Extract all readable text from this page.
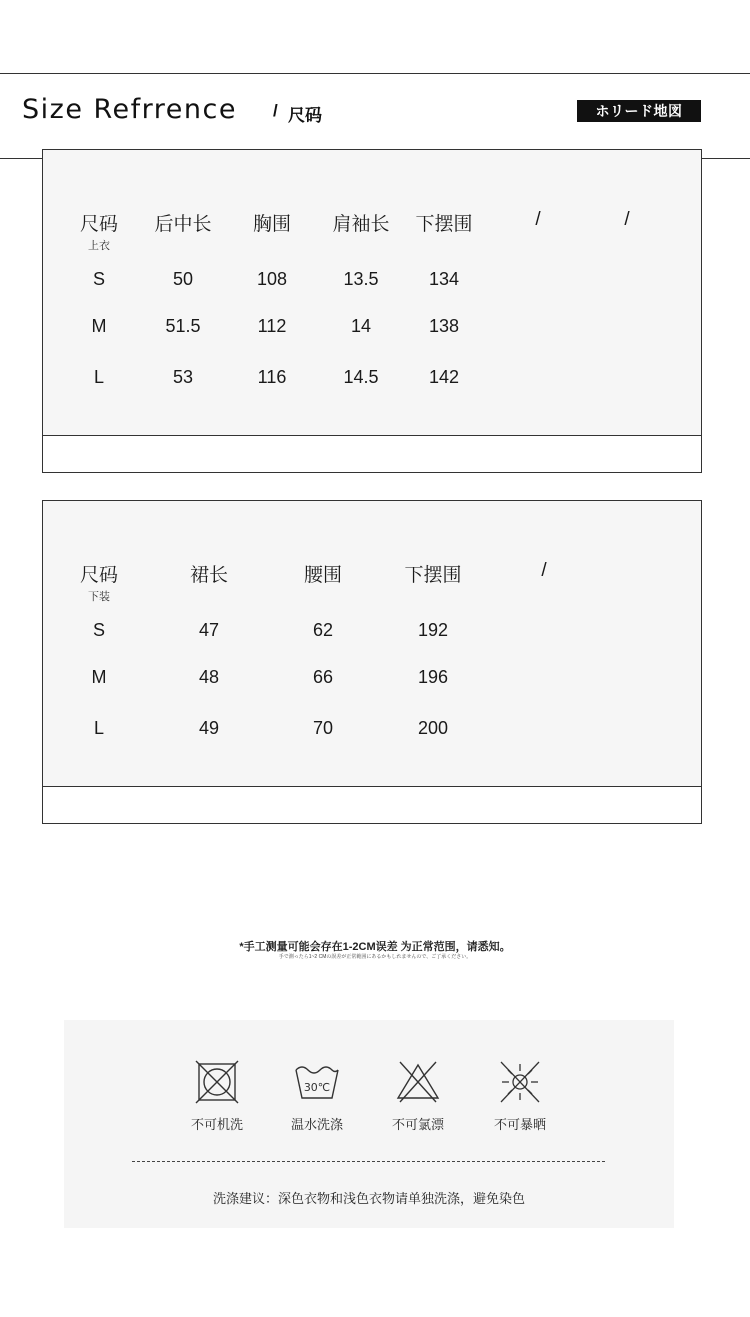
Size Refrrence / 尺码	ホリード地図
尺码
上衣
后中长 胸围 肩袖长 下摆围	/	/
S	50	108	13.5	134
M	51.5	112	14	138
L	53	116	14.5	142
尺码
下装
裙长	腰围	下摆围	/
S	47	62	192
M	48	66	196
L	49	70	200
*手工测量可能会存在1-2CM误差 为正常范围，请悉知。
手で測ったら1~2 CMの誤差が正常範囲にあるかもしれませんので、ご了承ください。
不可机洗
30℃
温水洗涤	不可氯漂	不可暴晒
洗涤建议：深色衣物和浅色衣物请单独洗涤，避免染色
